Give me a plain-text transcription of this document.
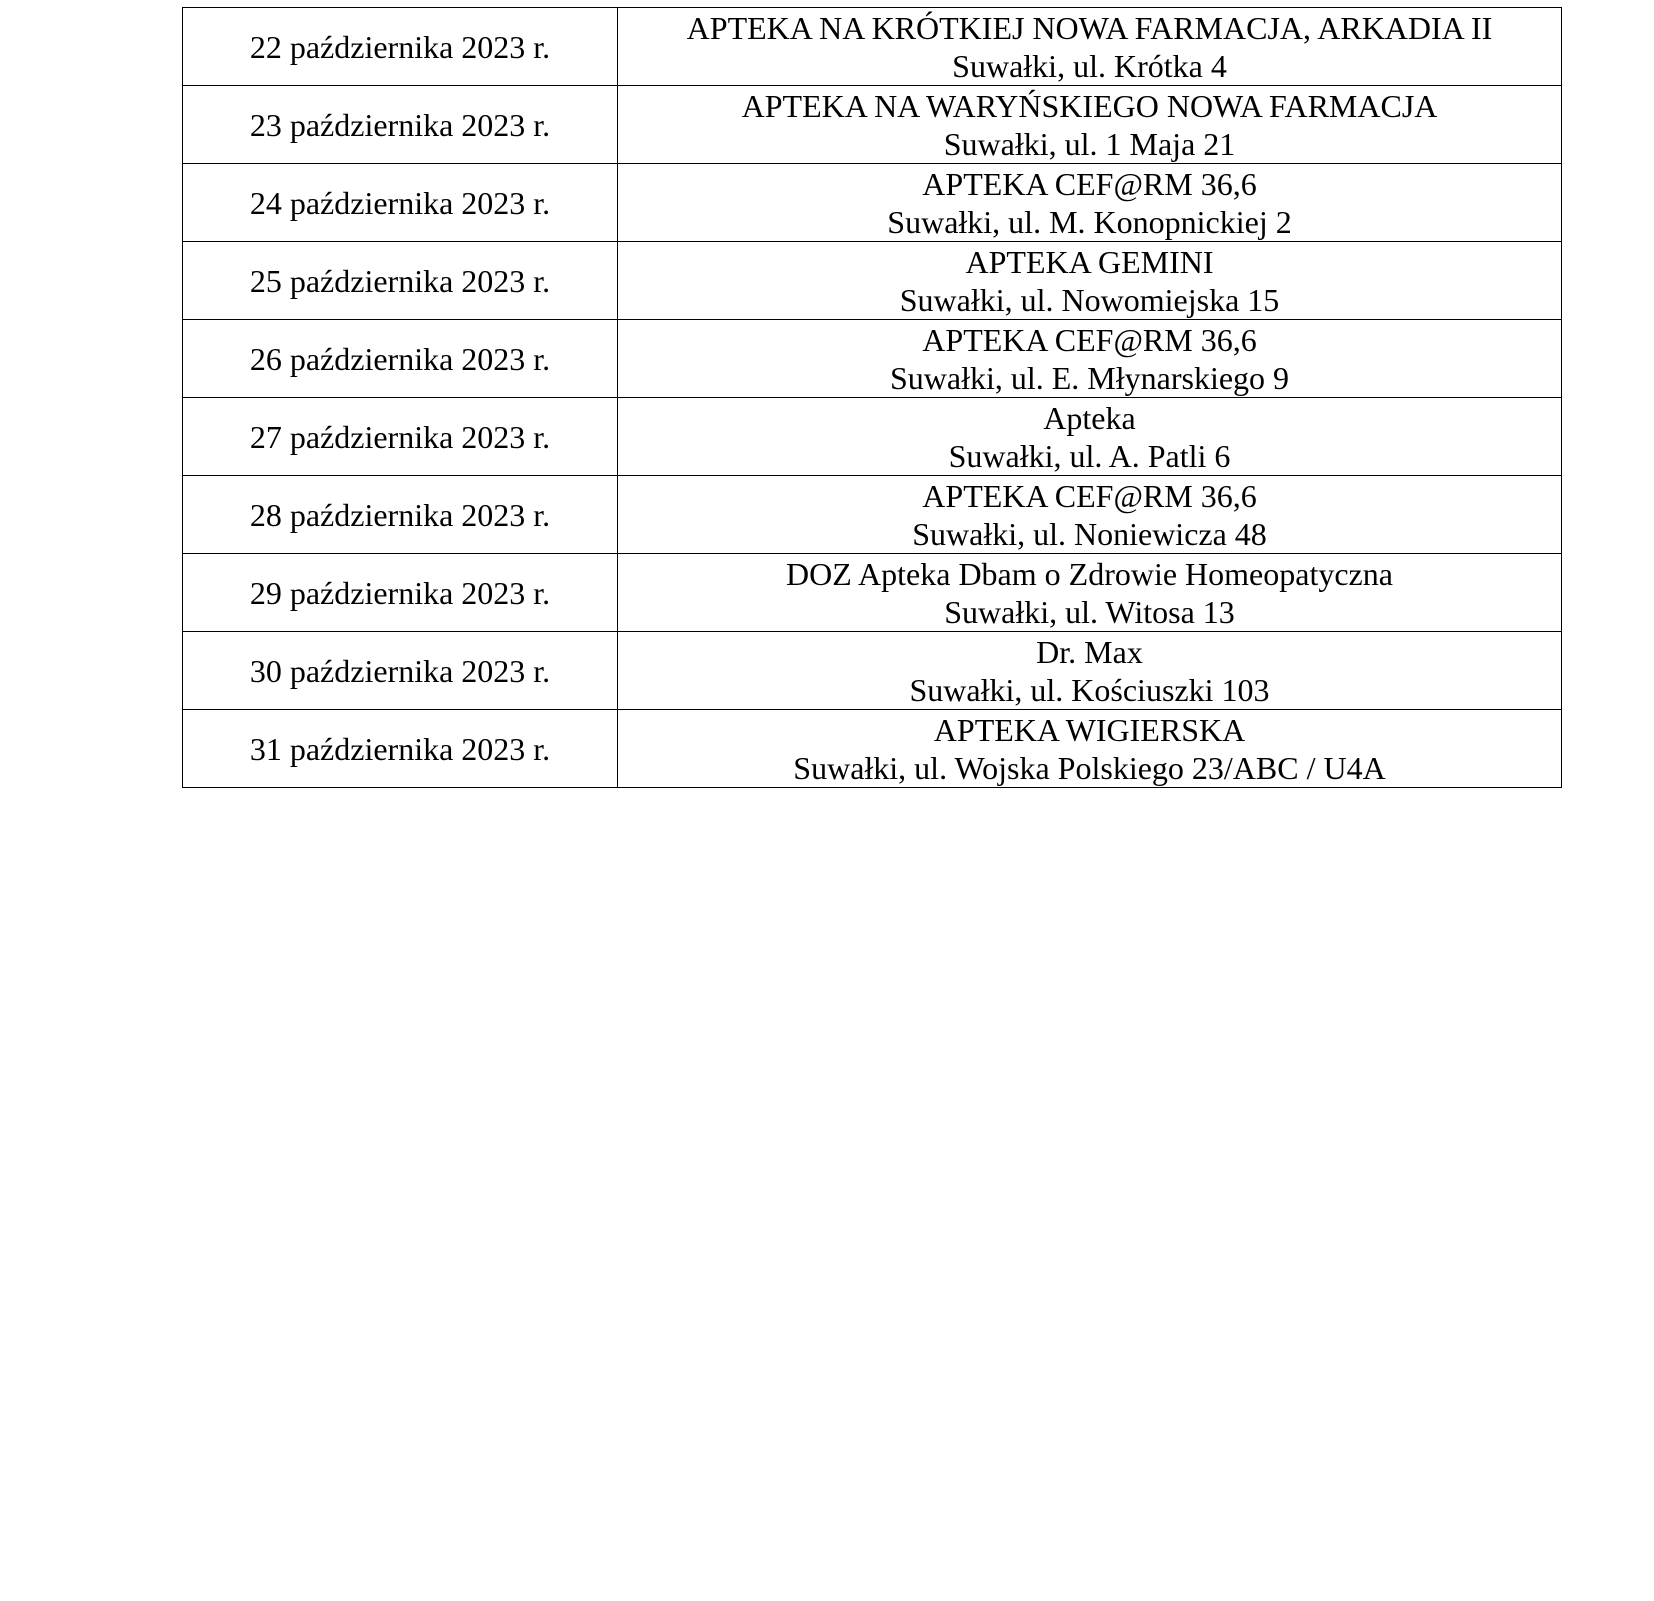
22 października 2023 r.	APTEKA NA KRÓTKIEJ NOWA FARMACJA, ARKADIA II
Suwałki, ul. Krótka 4

23 października 2023 r.	APTEKA NA WARYŃSKIEGO NOWA FARMACJA
Suwałki, ul. 1 Maja 21

24 października 2023 r.	APTEKA CEF@RM 36,6
Suwałki, ul. M. Konopnickiej 2

25 października 2023 r.	APTEKA GEMINI
Suwałki, ul. Nowomiejska 15

26 października 2023 r.	APTEKA CEF@RM 36,6
Suwałki, ul. E. Młynarskiego 9

27 października 2023 r.	Apteka
Suwałki, ul. A. Patli 6

28 października 2023 r.	APTEKA CEF@RM 36,6
Suwałki, ul. Noniewicza 48

29 października 2023 r.	DOZ Apteka Dbam o Zdrowie Homeopatyczna
Suwałki, ul. Witosa 13

30 października 2023 r.	Dr. Max
Suwałki, ul. Kościuszki 103

31 października 2023 r.	APTEKA WIGIERSKA
Suwałki, ul. Wojska Polskiego 23/ABC / U4A
